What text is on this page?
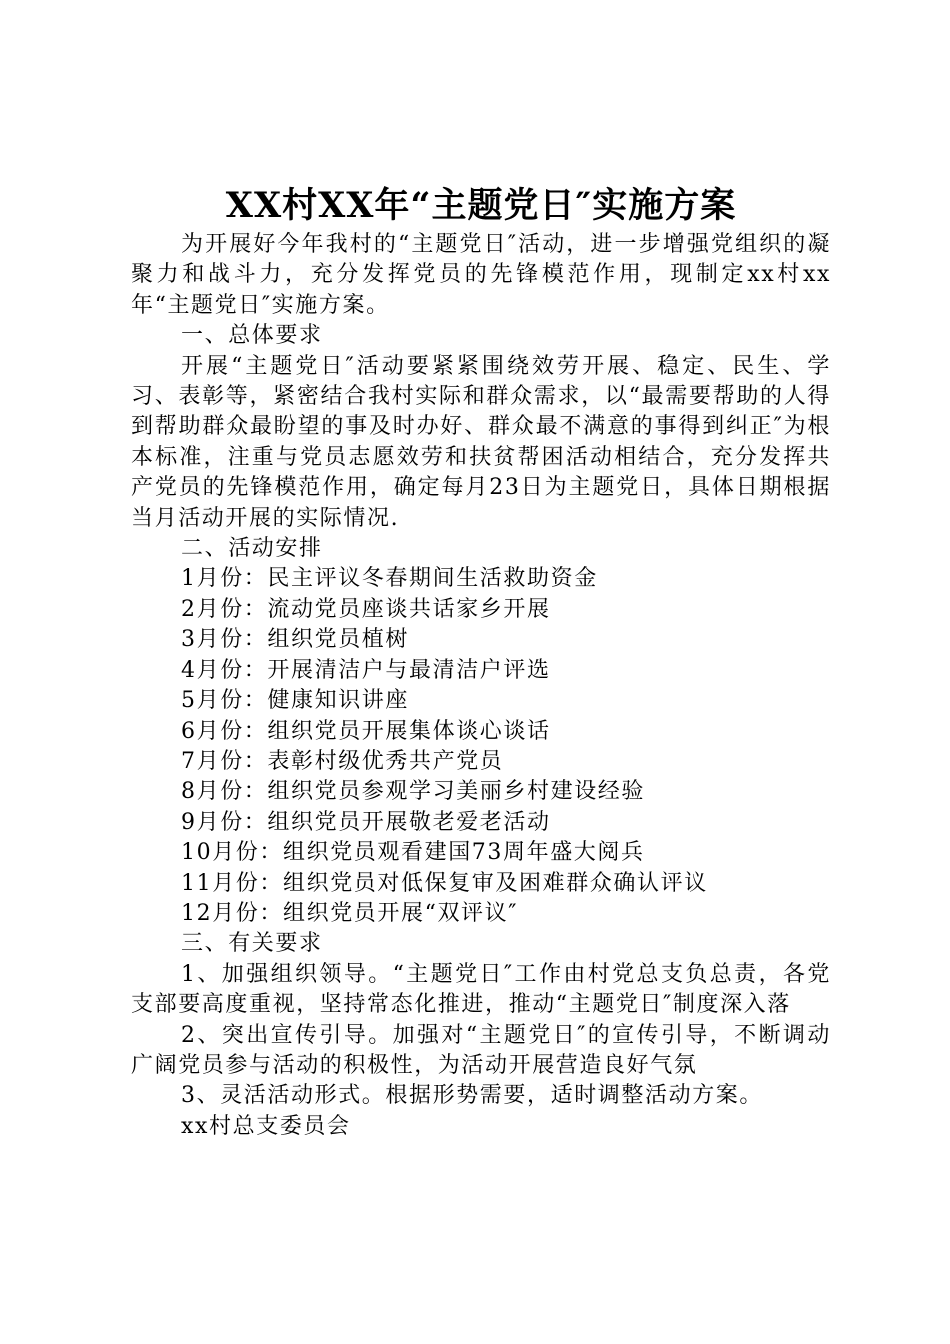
XX村XX年“主题党日″实施方案

为开展好今年我村的“主题党日″活动，进一步增强党组织的凝聚力和战斗力，充分发挥党员的先锋模范作用，现制定xx村xx年“主题党日″实施方案。

一、总体要求

开展“主题党日″活动要紧紧围绕效劳开展、稳定、民生、学习、表彰等，紧密结合我村实际和群众需求，以“最需要帮助的人得到帮助群众最盼望的事及时办好、群众最不满意的事得到纠正″为根本标准，注重与党员志愿效劳和扶贫帮困活动相结合，充分发挥共产党员的先锋模范作用，确定每月23日为主题党日，具体日期根据当月活动开展的实际情况.

二、活动安排

1月份：民主评议冬春期间生活救助资金

2月份：流动党员座谈共话家乡开展

3月份：组织党员植树

4月份：开展清洁户与最清洁户评选

5月份：健康知识讲座

6月份：组织党员开展集体谈心谈话

7月份：表彰村级优秀共产党员

8月份：组织党员参观学习美丽乡村建设经验

9月份：组织党员开展敬老爱老活动

10月份：组织党员观看建国73周年盛大阅兵

11月份：组织党员对低保复审及困难群众确认评议

12月份：组织党员开展“双评议″

三、有关要求

1、加强组织领导。“主题党日″工作由村党总支负总责，各党支部要高度重视，坚持常态化推进，推动“主题党日″制度深入落

2、突出宣传引导。加强对“主题党日″的宣传引导，不断调动广阔党员参与活动的积极性，为活动开展营造良好气氛

3、灵活活动形式。根据形势需要，适时调整活动方案。

xx村总支委员会
